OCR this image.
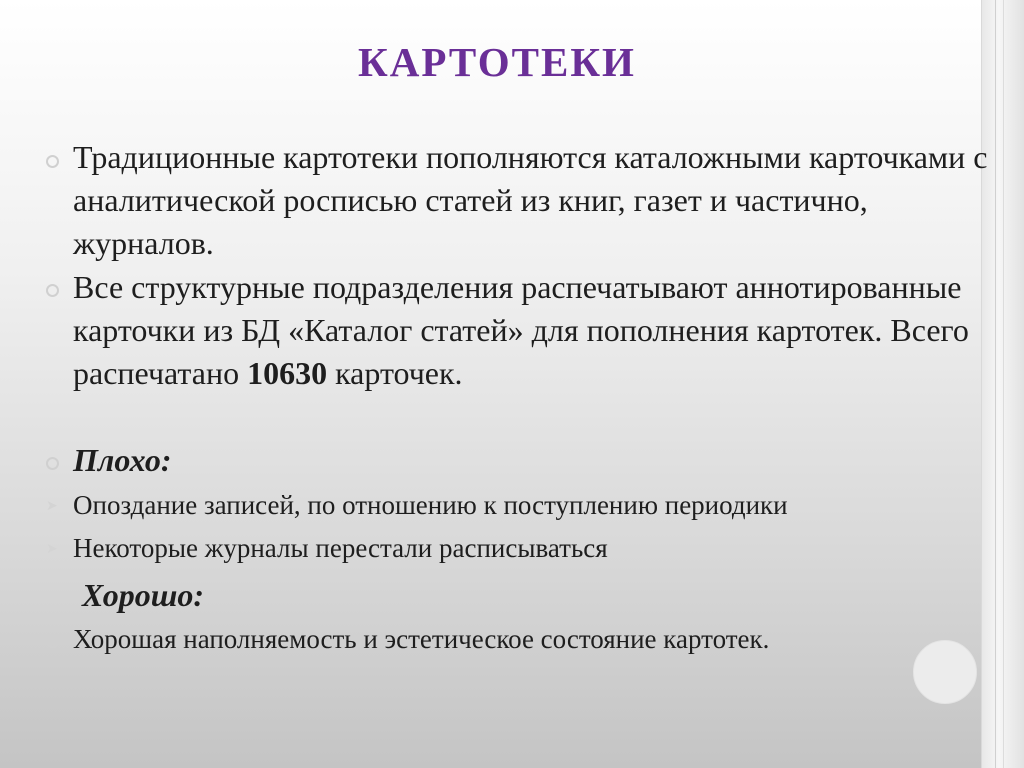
КАРТОТЕКИ
Традиционные картотеки пополняются каталожными карточками с аналитической росписью статей из книг, газет и частично, журналов.
Все структурные подразделения распечатывают аннотированные карточки из БД «Каталог статей» для пополнения картотек. Всего распечатано 10630 карточек.
Плохо:
➤ Опоздание записей, по отношению к поступлению периодики
➤ Некоторые журналы перестали расписываться
Хорошо:
Хорошая наполняемость и эстетическое состояние картотек.
